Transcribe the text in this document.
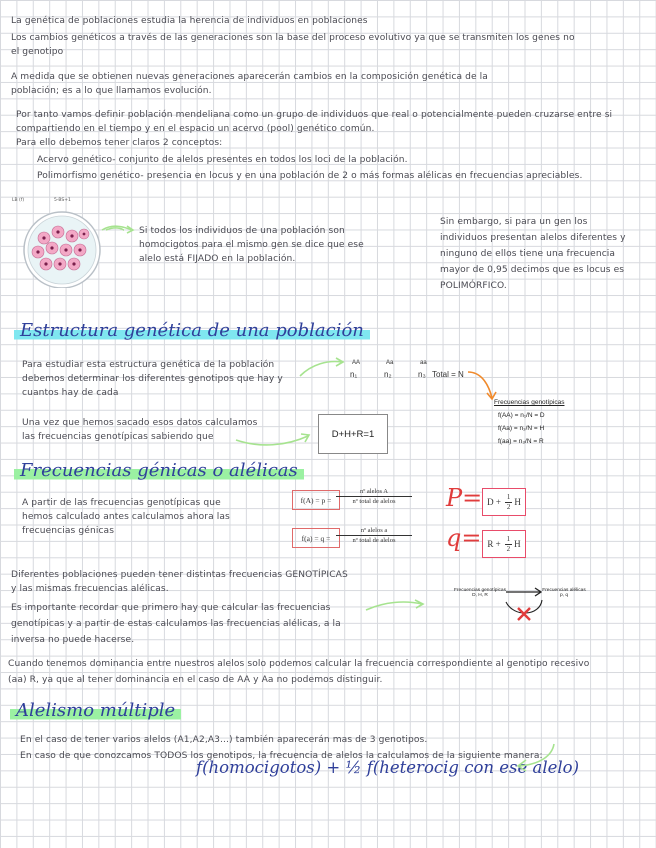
La genética de poblaciones estudia la herencia de individuos en poblaciones
Los cambios genéticos a través de las generaciones son la base del proceso evolutivo ya que se transmiten los genes no
el genotipo
A medida que se obtienen nuevas generaciones aparecerán cambios en la composición genética de la
población; es a lo que llamamos evolución.
Por tanto vamos definir población mendeliana como un grupo de individuos que real o potencialmente pueden cruzarse entre si
compartiendo en el tiempo y en el espacio un acervo (pool) genético común.
Para ello debemos tener claros 2 conceptos:
Acervo genético- conjunto de alelos presentes en todos los loci de la población.
Polimorfismo genético- presencia en locus y en una población de 2 o más formas alélicas en frecuencias apreciables.
LB (f)	5-BS+1
Si todos los individuos de una población son
homocigotos para el mismo gen se dice que ese
alelo está FIJADO en la población.
Sin embargo, si para un gen los
individuos presentan alelos diferentes y
ninguno de ellos tiene una frecuencia
mayor de 0,95 decimos que es locus es
POLIMÓRFICO.
Estructura genética de una población
Para estudiar esta estructura genética de la población
debemos determinar los diferentes genotipos que hay y
cuantos hay de cada
AA
n₁
Aa
n₂
aa
n₃ Total = N
Una vez que hemos sacado esos datos calculamos
las frecuencias genotípicas sabiendo que	D+H+R=1
Frecuencias genotípicas
f(AA) = n₁/N = D
f(Aa) = n₂/N = H
f(aa) = n₃/N = R
Frecuencias génicas o alélicas
A partir de las frecuencias genotípicas que
hemos calculado antes calculamos ahora las
frecuencias génicas
f(A) = p =
nº alelos A
nº total de alelos
f(a) = q =
nº alelos a
nº total de alelos
$P= D + \frac{1}{2}$ H
$q= R + \frac{1}{2}$ H
Diferentes poblaciones pueden tener distintas frecuencias GENOTÍPICAS
y las mismas frecuencias alélicas.
Es importante recordar que primero hay que calcular las frecuencias
genotípicas y a partir de estas calculamos las frecuencias alélicas, a la
inversa no puede hacerse.
Frecuencias genotípicas
D, H, R
Frecuencias alélicas
p, q
Cuando tenemos dominancia entre nuestros alelos solo podemos calcular la frecuencia correspondiente al genotipo recesivo
(aa) R, ya que al tener dominancia en el caso de AA y Aa no podemos distinguir.
Alelismo múltiple
En el caso de tener varios alelos (A1,A2,A3...) también aparecerán mas de 3 genotipos.
En caso de que conozcamos TODOS los genotipos, la frecuencia de alelos la calculamos de la siguiente manera:
f(homocigotos) + ½ f(heterocig con ese alelo)
